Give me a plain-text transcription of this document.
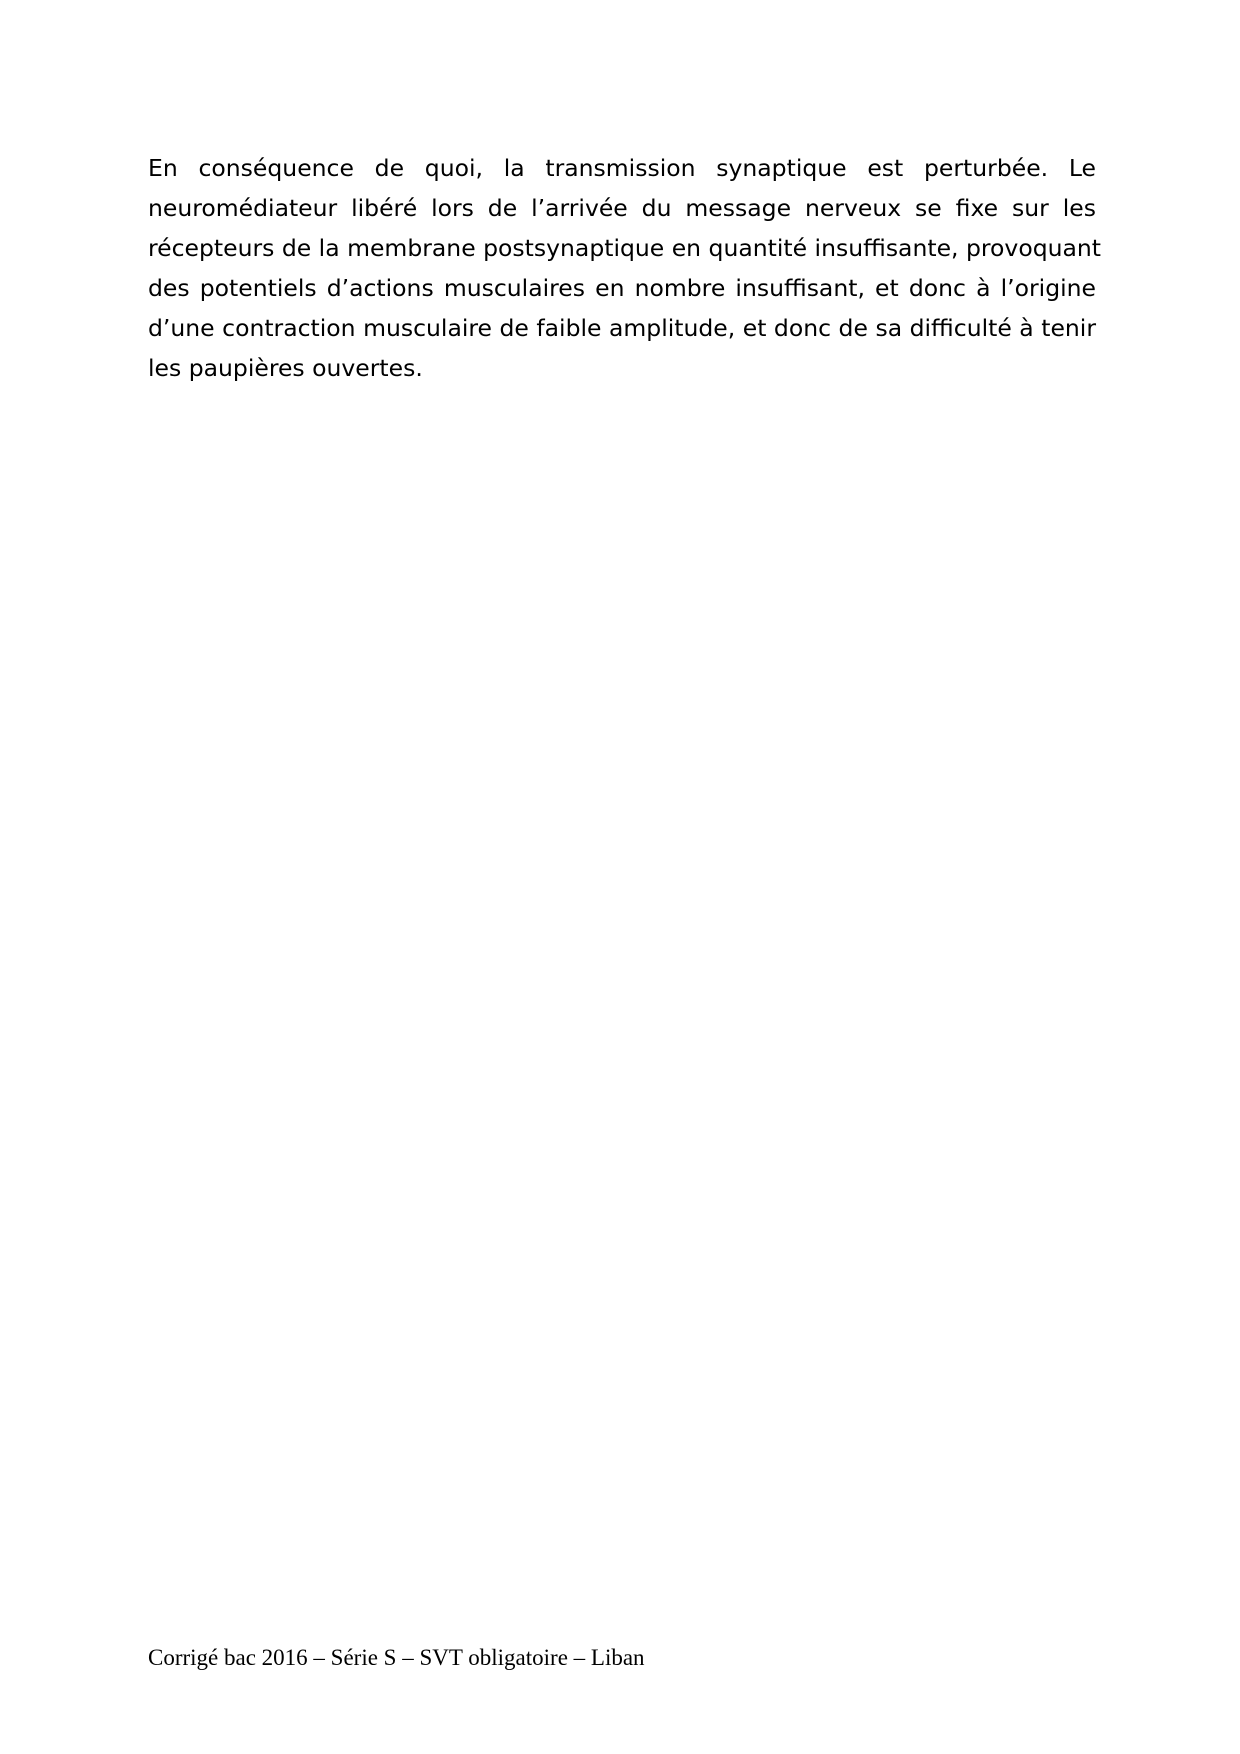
En conséquence de quoi, la transmission synaptique est perturbée. Le
neuromédiateur libéré lors de l’arrivée du message nerveux se fixe sur les
récepteurs de la membrane postsynaptique en quantité insuffisante, provoquant
des potentiels d’actions musculaires en nombre insuffisant, et donc à l’origine
d’une contraction musculaire de faible amplitude, et donc de sa difficulté à tenir
les paupières ouvertes.
Corrigé bac 2016 – Série S – SVT obligatoire – Liban
